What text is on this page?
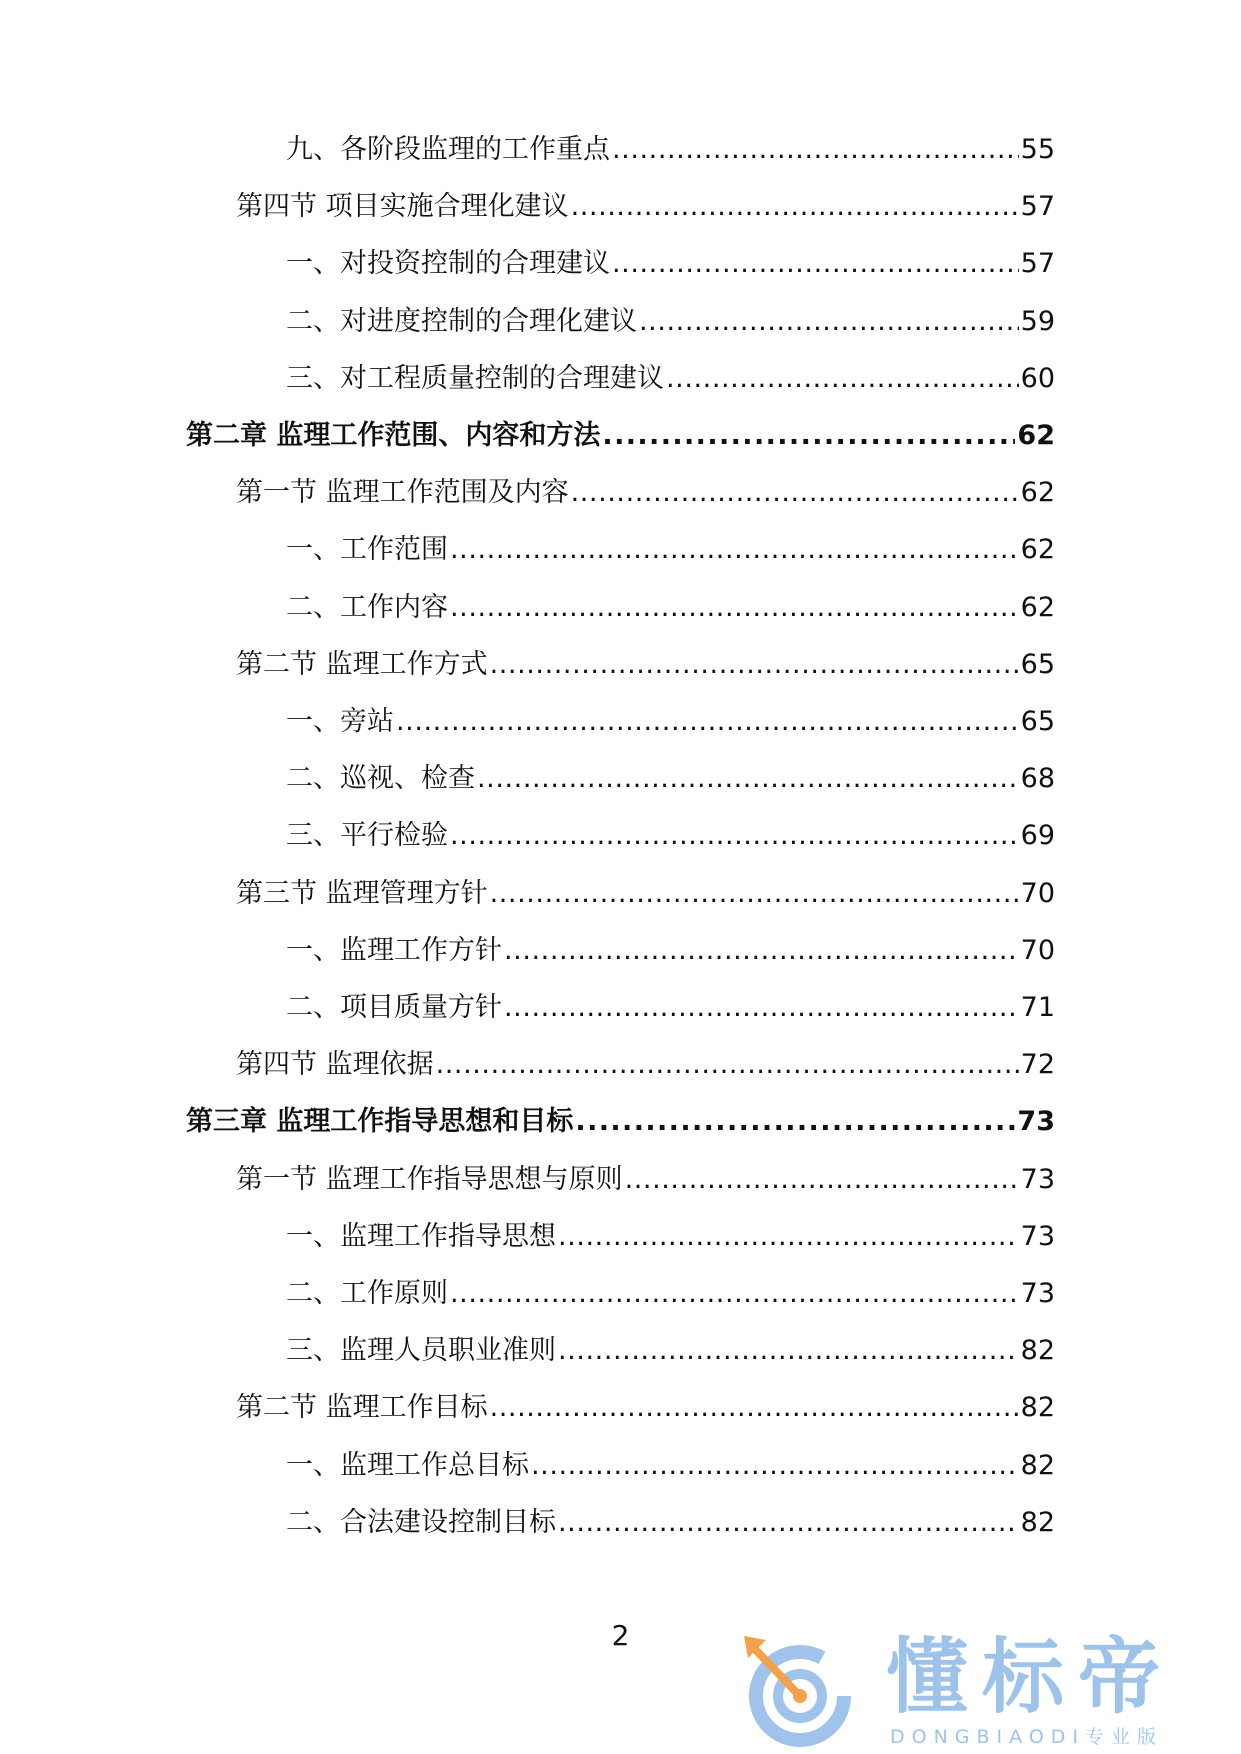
九、各阶段监理的工作重点 . . .	55
第四节 项目实施合理化建议 . . .	57
一、对投资控制的合理建议 . . .	57
二、对进度控制的合理化建议 . . .	59
三、对工程质量控制的合理建议 . . .	60
第二章 监理工作范围、内容和方法 . . .	62
第一节 监理工作范围及内容 . . .	62
一、工作范围 . . .	62
二、工作内容 . . .	62
第二节 监理工作方式 . . .	65
一、旁站 . . .	65
二、巡视、检查 . . .	68
三、平行检验 . . .	69
第三节 监理管理方针 . . .	70
一、监理工作方针 . . .	70
二、项目质量方针 . . .	71
第四节 监理依据 . . .	72
第三章 监理工作指导思想和目标 . . .	73
第一节 监理工作指导思想与原则 . . .	73
一、监理工作指导思想 . . .	73
二、工作原则 . . .	73
三、监理人员职业准则 . . .	82
第二节 监理工作目标 . . .	82
一、监理工作总目标 . . .	82
二、合法建设控制目标 . . .	82
2	懂标帝
DONGBIAODI专业版
